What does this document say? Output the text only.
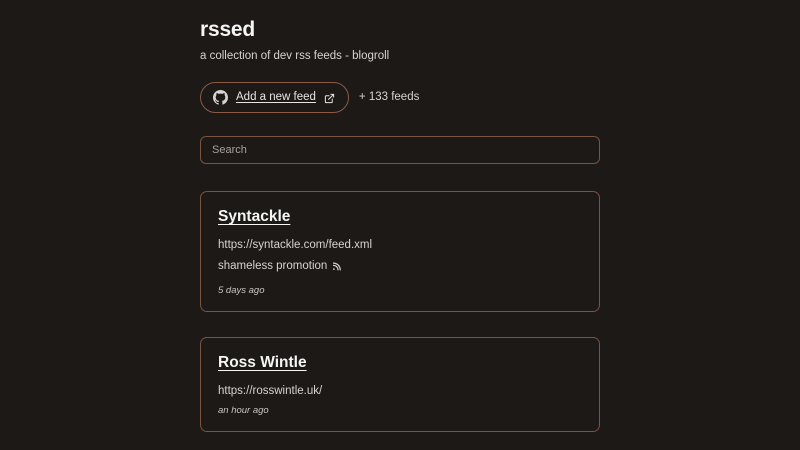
rssed

a collection of dev rss feeds - blogroll

Add a new feed	+ 133 feeds
Search
Syntackle
https://syntackle.com/feed.xml
shameless promotion
5 days ago
Ross Wintle
https://rosswintle.uk/
an hour ago
